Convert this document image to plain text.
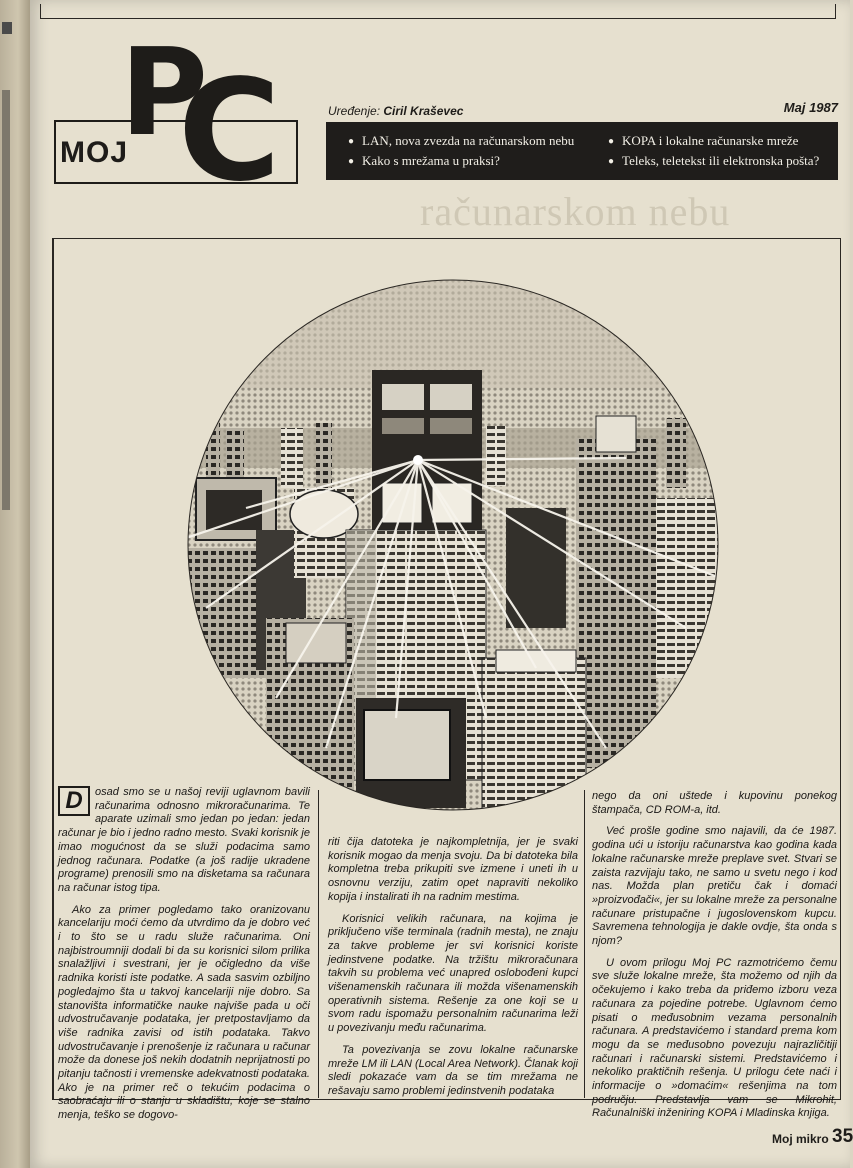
MOJ
P
C	Uređenje: Ciril Kraševec	Maj 1987
● LAN, nova zvezda na računarskom nebu
● Kako s mrežama u praksi?
● KOPA i lokalne računarske mreže
● Teleks, teletekst ili elektronska pošta?
računarskom nebu

D	osad smo se u našoj reviji uglavnom bavili računarima odnosno mikroračunarima. Te aparate uzimali smo jedan po jedan: jedan računar je bio i jedno radno mesto. Svaki korisnik je imao mogućnost da se služi podacima samo jednog računara. Podatke (a još radije ukradene programe) prenosili smo na disketama sa računara na računar istog tipa.

Ako za primer pogledamo tako oranizovanu kancelariju moći ćemo da utvrdimo da je dobro već i to što se u radu služe računarima. Oni najbistroumniji dodali bi da su korisnici silom prilika snalažljivi i svestrani, jer je očigledno da više radnika koristi iste podatke. A sada sasvim ozbiljno pogledajmo šta u takvoj kancelariji nije dobro. Sa stanovišta informatičke nauke najviše pada u oči udvostručavanje podataka, jer pretpostavljamo da više radnika zavisi od istih podataka. Takvo udvostručavanje i prenošenje iz računara u računar može da donese još nekih dodatnih neprijatnosti po pitanju tačnosti i vremenske adekvatnosti podataka. Ako je na primer reč o tekućim podacima o saobraćaju ili o stanju u skladištu, koje se stalno menja, teško se dogovo-

riti čija datoteka je najkompletnija, jer je svaki korisnik mogao da menja svoju. Da bi datoteka bila kompletna treba prikupiti sve izmene i uneti ih u osnovnu verziju, zatim opet napraviti nekoliko kopija i instalirati ih na radnim mestima.

Korisnici velikih računara, na kojima je priključeno više terminala (radnih mesta), ne znaju za takve probleme jer svi korisnici koriste jedinstvene podatke. Na tržištu mikroračunara takvih su problema već unapred oslobođeni kupci višenamenskih računara ili možda višenamenskih operativnih sistema. Rešenje za one koji se u svom radu ispomažu personalnim računarima leži u povezivanju među računarima.

Ta povezivanja se zovu lokalne računarske mreže LM ili LAN (Local Area Network). Članak koji sledi pokazaće vam da se tim mrežama ne rešavaju samo problemi jedinstvenih podataka

nego da oni uštede i kupovinu ponekog štampača, CD ROM-a, itd.

Već prošle godine smo najavili, da će 1987. godina ući u istoriju računarstva kao godina kada lokalne računarske mreže preplave svet. Stvari se zaista razvijaju tako, ne samo u svetu nego i kod nas. Možda plan pretiču čak i domaći »proizvođači«, jer su lokalne mreže za personalne računare pristupačne i jugoslovenskom kupcu. Savremena tehnologija je dakle ovdje, šta onda s njom?

U ovom prilogu Moj PC razmotrićemo čemu sve služe lokalne mreže, šta možemo od njih da očekujemo i kako treba da priđemo izboru veza računara za pojedine potrebe. Uglavnom ćemo pisati o međusobnim vezama personalnih računara. A predstavićemo i standard prema kom mogu da se međusobno povezuju najrazličitiji računari i računarski sistemi. Predstavićemo i nekoliko praktičnih rešenja. U prilogu ćete naći i informacije o »domaćim« rešenjima na tom području. Predstavlja vam se Mikrohit, Računalniški inženiring KOPA i Mladinska knjiga.

Moj mikro 35
